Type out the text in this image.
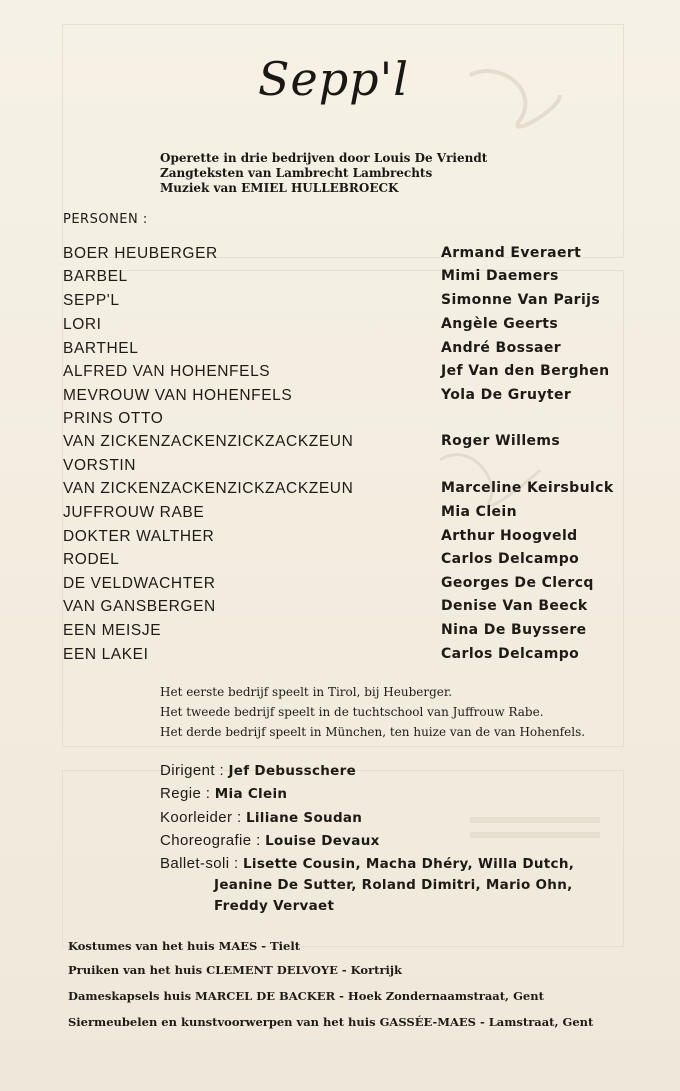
Sepp'l
Operette in drie bedrijven door Louis De Vriendt
Zangteksten van Lambrecht Lambrechts
Muziek van EMIEL HULLEBROECK
PERSONEN :
BOER HEUBERGER	Armand Everaert
BARBEL	Mimi Daemers
SEPP'L	Simonne Van Parijs
LORI	Angèle Geerts
BARTHEL	André Bossaer
ALFRED VAN HOHENFELS	Jef Van den Berghen
MEVROUW VAN HOHENFELS	Yola De Gruyter
PRINS OTTO
VAN ZICKENZACKENZICKZACKZEUN	Roger Willems
VORSTIN
VAN ZICKENZACKENZICKZACKZEUN	Marceline Keirsbulck
JUFFROUW RABE	Mia Clein
DOKTER WALTHER	Arthur Hoogveld
RODEL	Carlos Delcampo
DE VELDWACHTER	Georges De Clercq
VAN GANSBERGEN	Denise Van Beeck
EEN MEISJE	Nina De Buyssere
EEN LAKEI	Carlos Delcampo
Het eerste bedrijf speelt in Tirol, bij Heuberger.
Het tweede bedrijf speelt in de tuchtschool van Juffrouw Rabe.
Het derde bedrijf speelt in München, ten huize van de van Hohenfels.
Dirigent : Jef Debusschere
Regie : Mia Clein
Koorleider : Liliane Soudan
Choreografie : Louise Devaux
Ballet-soli : Lisette Cousin, Macha Dhéry, Willa Dutch,
Jeanine De Sutter, Roland Dimitri, Mario Ohn,
Freddy Vervaet
Kostumes van het huis MAES - Tielt
Pruiken van het huis CLEMENT DELVOYE - Kortrijk
Dameskapsels huis MARCEL DE BACKER - Hoek Zondernaamstraat, Gent
Siermeubelen en kunstvoorwerpen van het huis GASSÉE-MAES - Lamstraat, Gent
